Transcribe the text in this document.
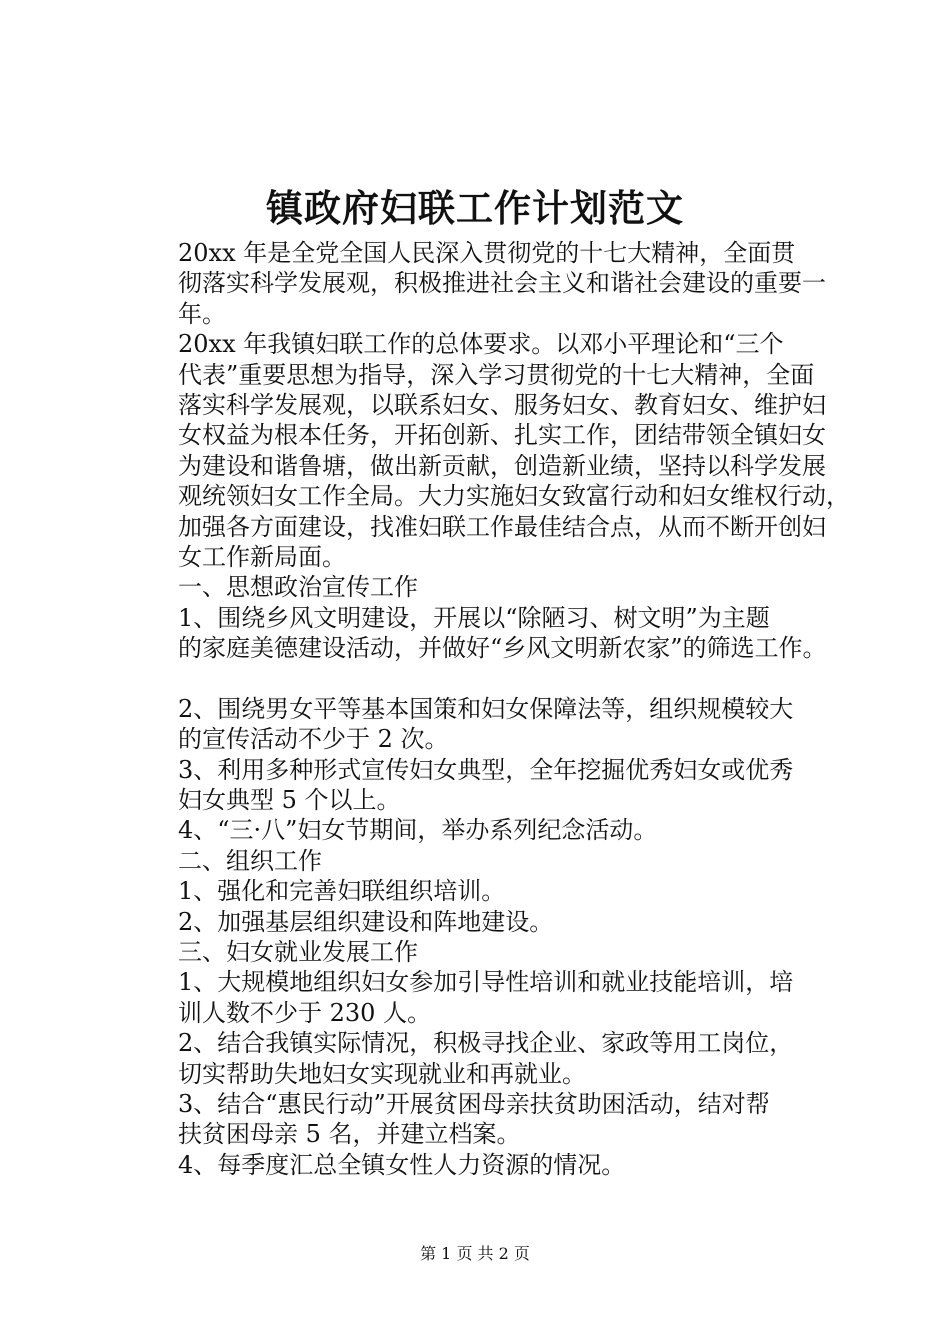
镇政府妇联工作计划范文

20xx 年是全党全国人民深入贯彻党的十七大精神，全面贯
彻落实科学发展观，积极推进社会主义和谐社会建设的重要一
年。

20xx 年我镇妇联工作的总体要求。以邓小平理论和“三个
代表”重要思想为指导，深入学习贯彻党的十七大精神，全面
落实科学发展观，以联系妇女、服务妇女、教育妇女、维护妇
女权益为根本任务，开拓创新、扎实工作，团结带领全镇妇女
为建设和谐鲁塘，做出新贡献，创造新业绩，坚持以科学发展
观统领妇女工作全局。大力实施妇女致富行动和妇女维权行动，
加强各方面建设，找准妇联工作最佳结合点，从而不断开创妇
女工作新局面。

一、思想政治宣传工作

1、围绕乡风文明建设，开展以“除陋习、树文明”为主题
的家庭美德建设活动，并做好“乡风文明新农家”的筛选工作。

2、围绕男女平等基本国策和妇女保障法等，组织规模较大
的宣传活动不少于 2 次。

3、利用多种形式宣传妇女典型，全年挖掘优秀妇女或优秀
妇女典型 5 个以上。

4、“三·八”妇女节期间，举办系列纪念活动。

二、组织工作

1、强化和完善妇联组织培训。

2、加强基层组织建设和阵地建设。

三、妇女就业发展工作

1、大规模地组织妇女参加引导性培训和就业技能培训，培
训人数不少于 230 人。

2、结合我镇实际情况，积极寻找企业、家政等用工岗位，
切实帮助失地妇女实现就业和再就业。

3、结合“惠民行动”开展贫困母亲扶贫助困活动，结对帮
扶贫困母亲 5 名，并建立档案。

4、每季度汇总全镇女性人力资源的情况。

第 1 页 共 2 页
